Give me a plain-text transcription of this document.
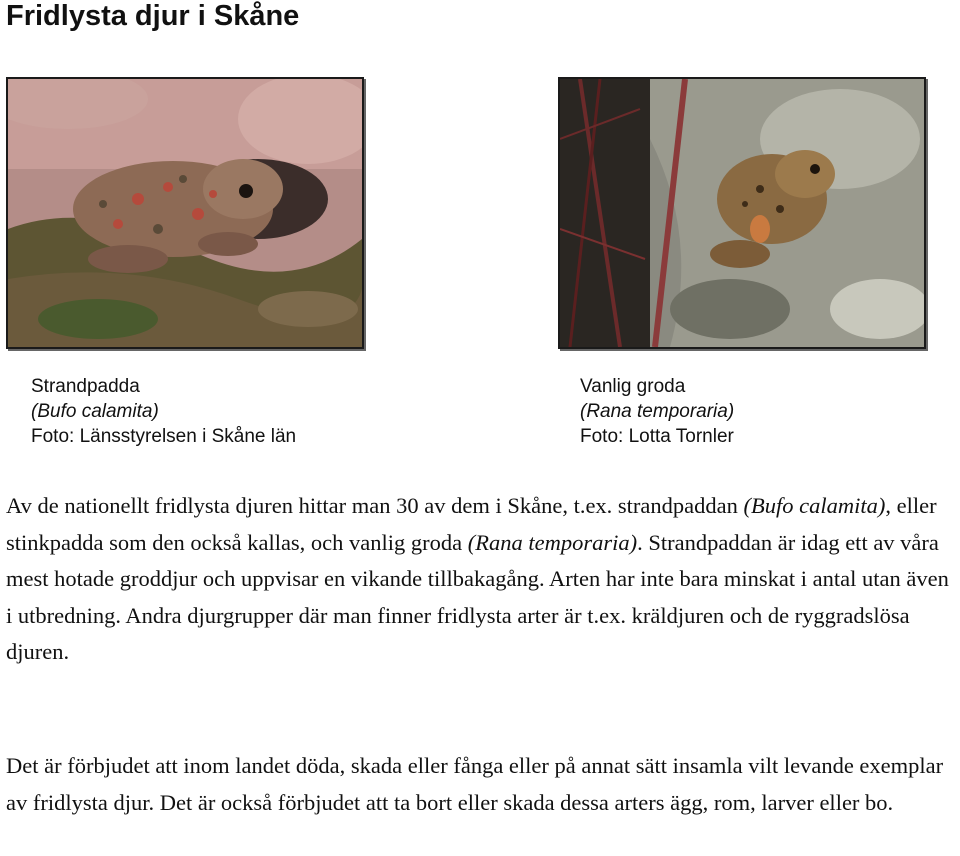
Fridlysta djur i Skåne
Strandpadda
(Bufo calamita)
Foto: Länsstyrelsen i Skåne län
Vanlig groda
(Rana temporaria)
Foto: Lotta Tornler

Av de nationellt fridlysta djuren hittar man 30 av dem i Skåne, t.ex. strandpaddan (Bufo calamita), eller stinkpadda som den också kallas, och vanlig groda (Rana temporaria). Strandpaddan är idag ett av våra mest hotade groddjur och uppvisar en vikande tillbakagång. Arten har inte bara minskat i antal utan även i utbredning. Andra djurgrupper där man finner fridlysta arter är t.ex. kräldjuren och de ryggradslösa djuren.

Det är förbjudet att inom landet döda, skada eller fånga eller på annat sätt insamla vilt levande exemplar av fridlysta djur. Det är också förbjudet att ta bort eller skada dessa arters ägg, rom, larver eller bo.
